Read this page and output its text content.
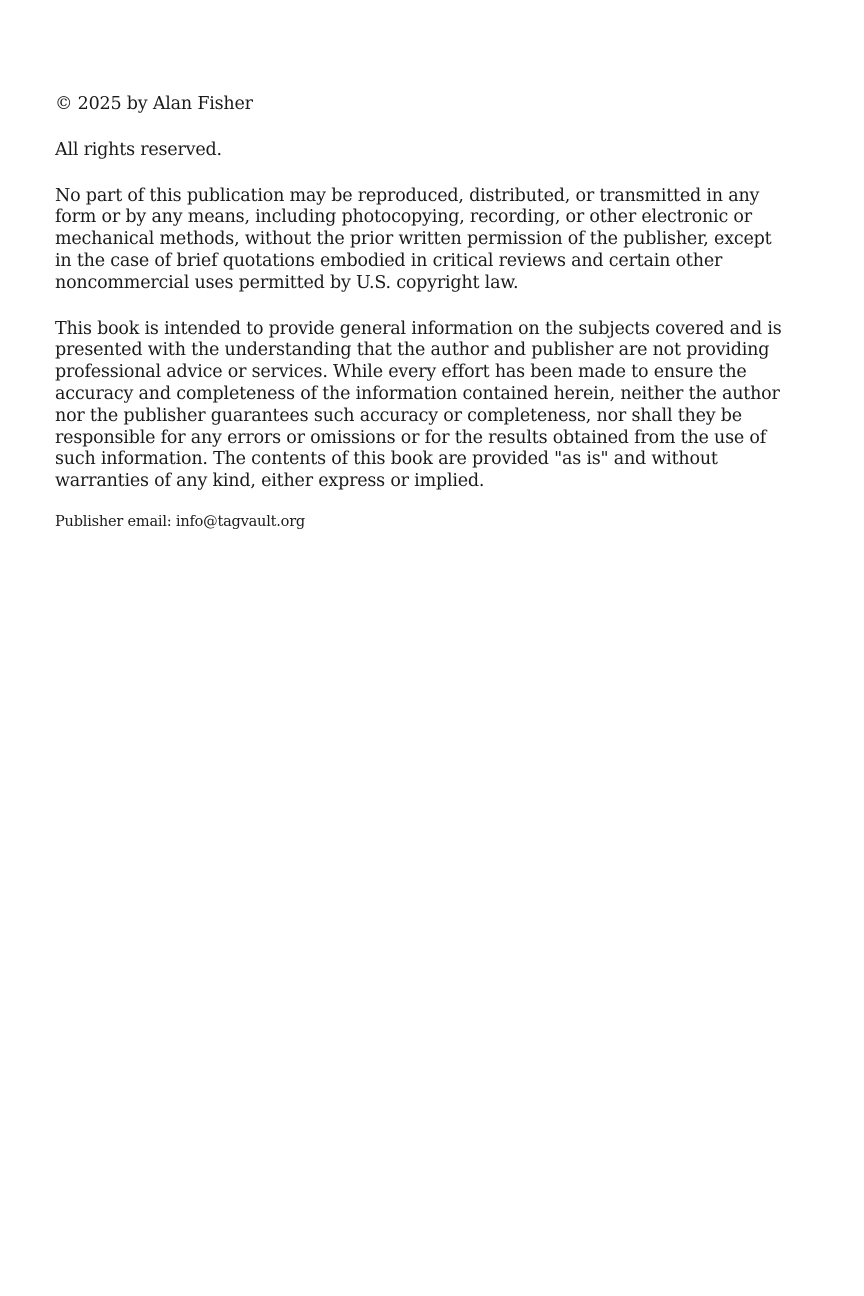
© 2025 by Alan Fisher

All rights reserved.

No part of this publication may be reproduced, distributed, or transmitted in any form or by any means, including photocopying, recording, or other electronic or mechanical methods, without the prior written permission of the publisher, except in the case of brief quotations embodied in critical reviews and certain other noncommercial uses permitted by U.S. copyright law.

This book is intended to provide general information on the subjects covered and is presented with the understanding that the author and publisher are not providing professional advice or services. While every effort has been made to ensure the accuracy and completeness of the information contained herein, neither the author nor the publisher guarantees such accuracy or completeness, nor shall they be responsible for any errors or omissions or for the results obtained from the use of such information. The contents of this book are provided "as is" and without warranties of any kind, either express or implied.

Publisher email: info@tagvault.org
